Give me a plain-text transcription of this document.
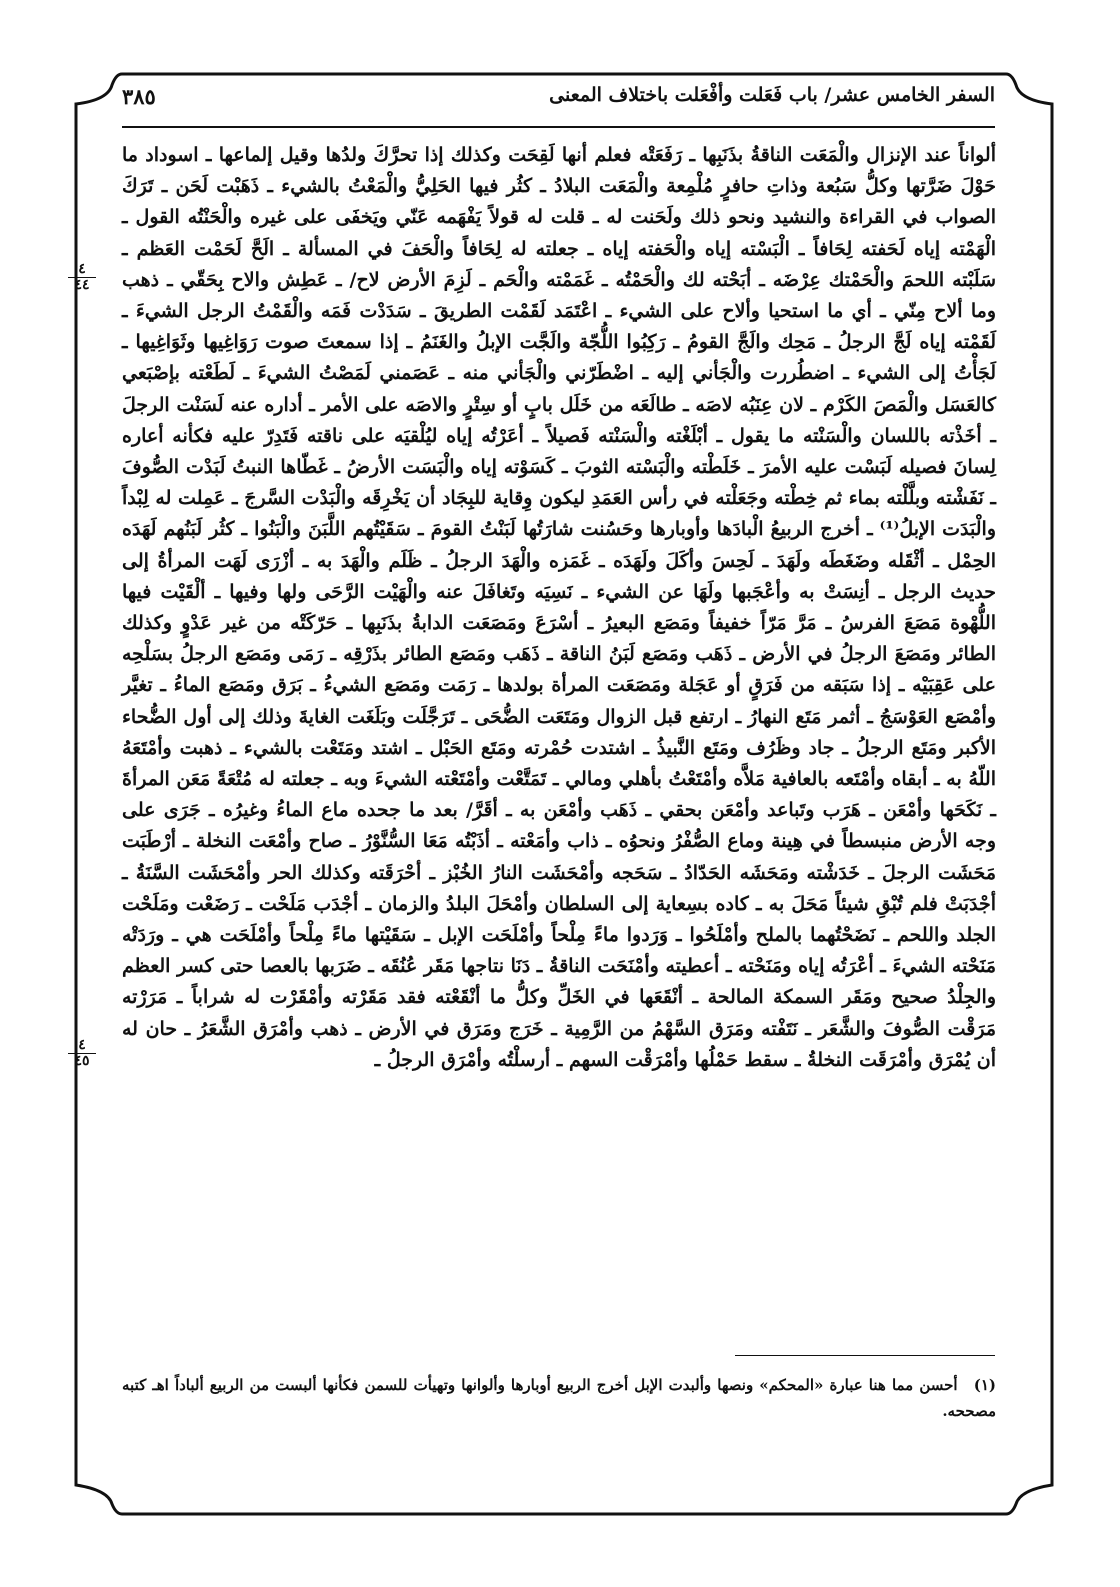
السفر الخامس عشر/ باب فَعَلت وأفْعَلت باختلاف المعنى
٣٨٥
٤
٤٤
٤
٤٥

ألواناً عند الإنزال والْمَعَت الناقةُ بذَنَبِها ـ رَفَعَتْه فعلم أنها لَقِحَت وكذلك إذا تحرَّكَ ولدُها وقيل إلماعها ـ اسوداد ما حَوْلَ ضَرَّتها وكلُّ سَبُعة وذاتِ حافرٍ مُلْمِعة والْمَعَت البلادُ ـ كثُر فيها الحَلِيُّ والْمَعْتُ بالشيء ـ ذَهَبْت لَحَن ـ تَرَكَ الصواب في القراءة والنشيد ونحو ذلك ولَحَنت له ـ قلت له قولاً يَفْهَمه عَنّي ويَخفَى على غيره والْحَنْتُه القول ـ الْهَمْته إياه لَحَفته لِحَافاً ـ الْبَسْته إياه والْحَفته إياه ـ جعلته له لِحَافاً والْحَفَ في المسألة ـ الَحَّ لَحَمْت العَظم ـ سَلَبْته اللحمَ والْحَمْتك عِرْضَه ـ أبَحْته لك والْحَمْتُه ـ غَمَمْته والْحَم ـ لَزِمَ الأرض لاح/ ـ عَطِش والاح بِحَقّي ـ ذهب وما ألاح مِنّي ـ أي ما استحيا وألاح على الشيء ـ اعْتَمَد لَقَمْت الطريقَ ـ سَدَدْت فَمَه والْقَمْتُ الرجل الشيءَ ـ لَقَمْته إياه لَجَّ الرجلُ ـ مَحِك والَجَّ القومُ ـ رَكِبُوا اللُّجّة والَجَّت الإبلُ والغَنَمُ ـ إذا سمعتَ صوت رَوَاغِيها وثَوَاغِيها ـ لَجَأْتُ إلى الشيء ـ اضطُررت والْجَأني إليه ـ اضْطَرّني والْجَأني منه ـ عَصَمني لَمَصْتُ الشيءَ ـ لَطَعْته بإصْبَعي كالعَسَل والْمَصَ الكَرْم ـ لان عِنَبُه لاصَه ـ طالَعَه من خَلَل بابٍ أو سِتْرٍ والاصَه على الأمر ـ أداره عنه لَسَنْت الرجلَ ـ أخَذْته باللسان والْسَنْته ما يقول ـ أبْلَغْته والْسَنْته فَصيلاً ـ أعَرْتُه إياه ليُلْقيَه على ناقته فَتَدِرّ عليه فكأنه أعاره لِسانَ فصيله لَبَسْت عليه الأمرَ ـ خَلَطْته والْبَسْته الثوبَ ـ كَسَوْته إياه والْبَسَت الأرضُ ـ غَطّاها النبتُ لَبَدْت الصُّوفَ ـ نَفَشْته وبلَّلْته بماء ثم خِطْته وجَعَلْته في رأس العَمَدِ ليكون وِقاية للبِجَاد أن يَخْرِقَه والْبَدْت السَّرجَ ـ عَمِلت له لِبْداً والْبَدَت الإبلُ⁽¹⁾ ـ أخرج الربيعُ الْبادَها وأوبارها وحَسُنت شارَتُها لَبَنْتُ القومَ ـ سَقَيْتُهم اللَّبَنَ والْبَنُوا ـ كثُر لَبَنُهم لَهَدَه الحِمْل ـ أثْقَله وضَغَطَه ولَهَدَ ـ لَحِسَ وأكَلَ ولَهَدَه ـ غَمَزه والْهَدَ الرجلُ ـ ظَلَم والْهَدَ به ـ أزْرَى لَهَت المرأةُ إلى حديث الرجل ـ أنِسَتْ به وأعْجَبها ولَهَا عن الشيء ـ نَسِيَه وتَغافَلَ عنه والْهَيْت الرَّحَى ولها وفيها ـ ألْقَيْت فيها اللُّهْوة مَصَعَ الفرسُ ـ مَرَّ مَرّاً خفيفاً ومَصَع البعيرُ ـ أسْرَعَ ومَصَعَت الدابةُ بذَنَبِها ـ حَرّكَتْه من غير عَدْوٍ وكذلك الطائر ومَصَعَ الرجلُ في الأرض ـ ذَهَب ومَصَع لَبَنُ الناقة ـ ذَهَب ومَصَع الطائر بذَرْقِه ـ رَمَى ومَصَع الرجلُ بسَلْحِه على عَقِبَيْه ـ إذا سَبَقه من فَرَقٍ أو عَجَلة ومَصَعَت المرأة بولدها ـ رَمَت ومَصَع الشيءُ ـ بَرَق ومَصَع الماءُ ـ تغيَّر وأمْصَع العَوْسَجُ ـ أثمر مَتَع النهارُ ـ ارتفع قبل الزوال ومَتَعَت الضُّحَى ـ تَرَجَّلَت وبَلَغَت الغايةَ وذلك إلى أول الضُّحاء الأكبر ومَتَع الرجلُ ـ جاد وظَرُف ومَتَع النَّبيذُ ـ اشتدت حُمْرته ومَتَع الحَبْل ـ اشتد ومَتَعْت بالشيء ـ ذهبت وأمْتَعَهُ اللّهُ به ـ أبقاه وأمْتَعه بالعافية مَلاَّه وأمْتَعْتُ بأهلي ومالي ـ تَمَتَّعْت وأمْتَعْته الشيءَ وبه ـ جعلته له مُتْعَةً مَعَن المرأةَ ـ نَكَحَها وأمْعَن ـ هَرَب وتَباعد وأمْعَن بحقي ـ ذَهَب وأمْعَن به ـ أقَرَّ/ بعد ما جحده ماع الماءُ وغيرُه ـ جَرَى على وجه الأرض منبسطاً في هِينة وماع الصُّفْرُ ونحوُه ـ ذاب وأمَعْته ـ أذَبْتُه مَعَا السُّنَّوْرُ ـ صاح وأمْعَت النخلة ـ أرْطَبَت مَحَشَت الرجلَ ـ خَدَشْته ومَحَشَه الحَدّادُ ـ سَحَجه وأمْحَشَت النارُ الخُبْز ـ أحْرَقَته وكذلك الحر وأمْحَشَت السَّنَةُ ـ أجْدَبَتْ فلم تُبْقِ شيئاً مَحَلَ به ـ كاده بسِعاية إلى السلطان وأمْحَلَ البلدُ والزمان ـ أجْدَب مَلَحْت ـ رَضَعْت ومَلَحْت الجلد واللحم ـ نَضَحْتُهما بالملح وأمْلَحُوا ـ وَرَدوا ماءً مِلْحاً وأمْلَحَت الإبل ـ سَقَيْتها ماءً مِلْحاً وأمْلَحَت هي ـ ورَدَتْه مَنَحْته الشيءَ ـ أعْرَتُه إياه ومَنَحْته ـ أعطيته وأمْنَحَت الناقةُ ـ دَنَا نتاجها مَقَر عُنُقَه ـ ضَرَبها بالعصا حتى كسر العظم والجِلْدُ صحيح ومَقَر السمكة المالحة ـ أنْقَعَها في الخَلِّ وكلُّ ما أنْقَعْته فقد مَقَرْته وأمْقَرْت له شراباً ـ مَرَرْته مَرَقْت الصُّوفَ والشَّعَر ـ نَتَفْته ومَرَق السَّهْمُ من الرَّمِية ـ خَرَج ومَرَق في الأرض ـ ذهب وأمْرَق الشَّعَرُ ـ حان له أن يُمْرَق وأمْرَقَت النخلةُ ـ سقط حَمْلُها وأمْرَقْت السهم ـ أرسلْتُه وأمْرَق الرجلُ ـ

(١) أحسن مما هنا عبارة «المحكم» ونصها وألبدت الإبل أخرج الربيع أوبارها وألوانها وتهيأت للسمن فكأنها ألبست من الربيع ألباداً اهـ كتبه مصححه.
